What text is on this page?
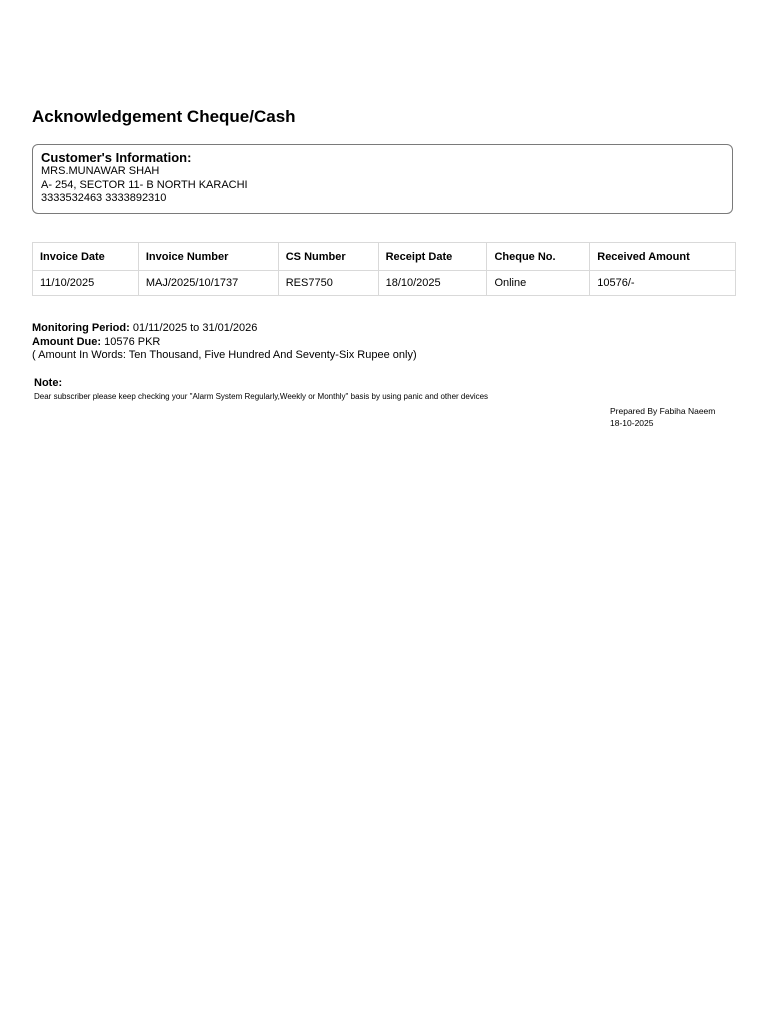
Acknowledgement Cheque/Cash
Customer's Information:
MRS.MUNAWAR SHAH
A- 254, SECTOR 11- B NORTH KARACHI
3333532463 3333892310
Invoice Date	Invoice Number	CS Number	Receipt Date	Cheque No.	Received Amount
11/10/2025	MAJ/2025/10/1737	RES7750	18/10/2025	Online	10576/-
Monitoring Period: 01/11/2025 to 31/01/2026
Amount Due: 10576 PKR
( Amount In Words: Ten Thousand, Five Hundred And Seventy-Six Rupee only)
Note:
Dear subscriber please keep checking your "Alarm System Regularly,Weekly or Monthly" basis by using panic and other devices
Prepared By Fabiha Naeem
18-10-2025
